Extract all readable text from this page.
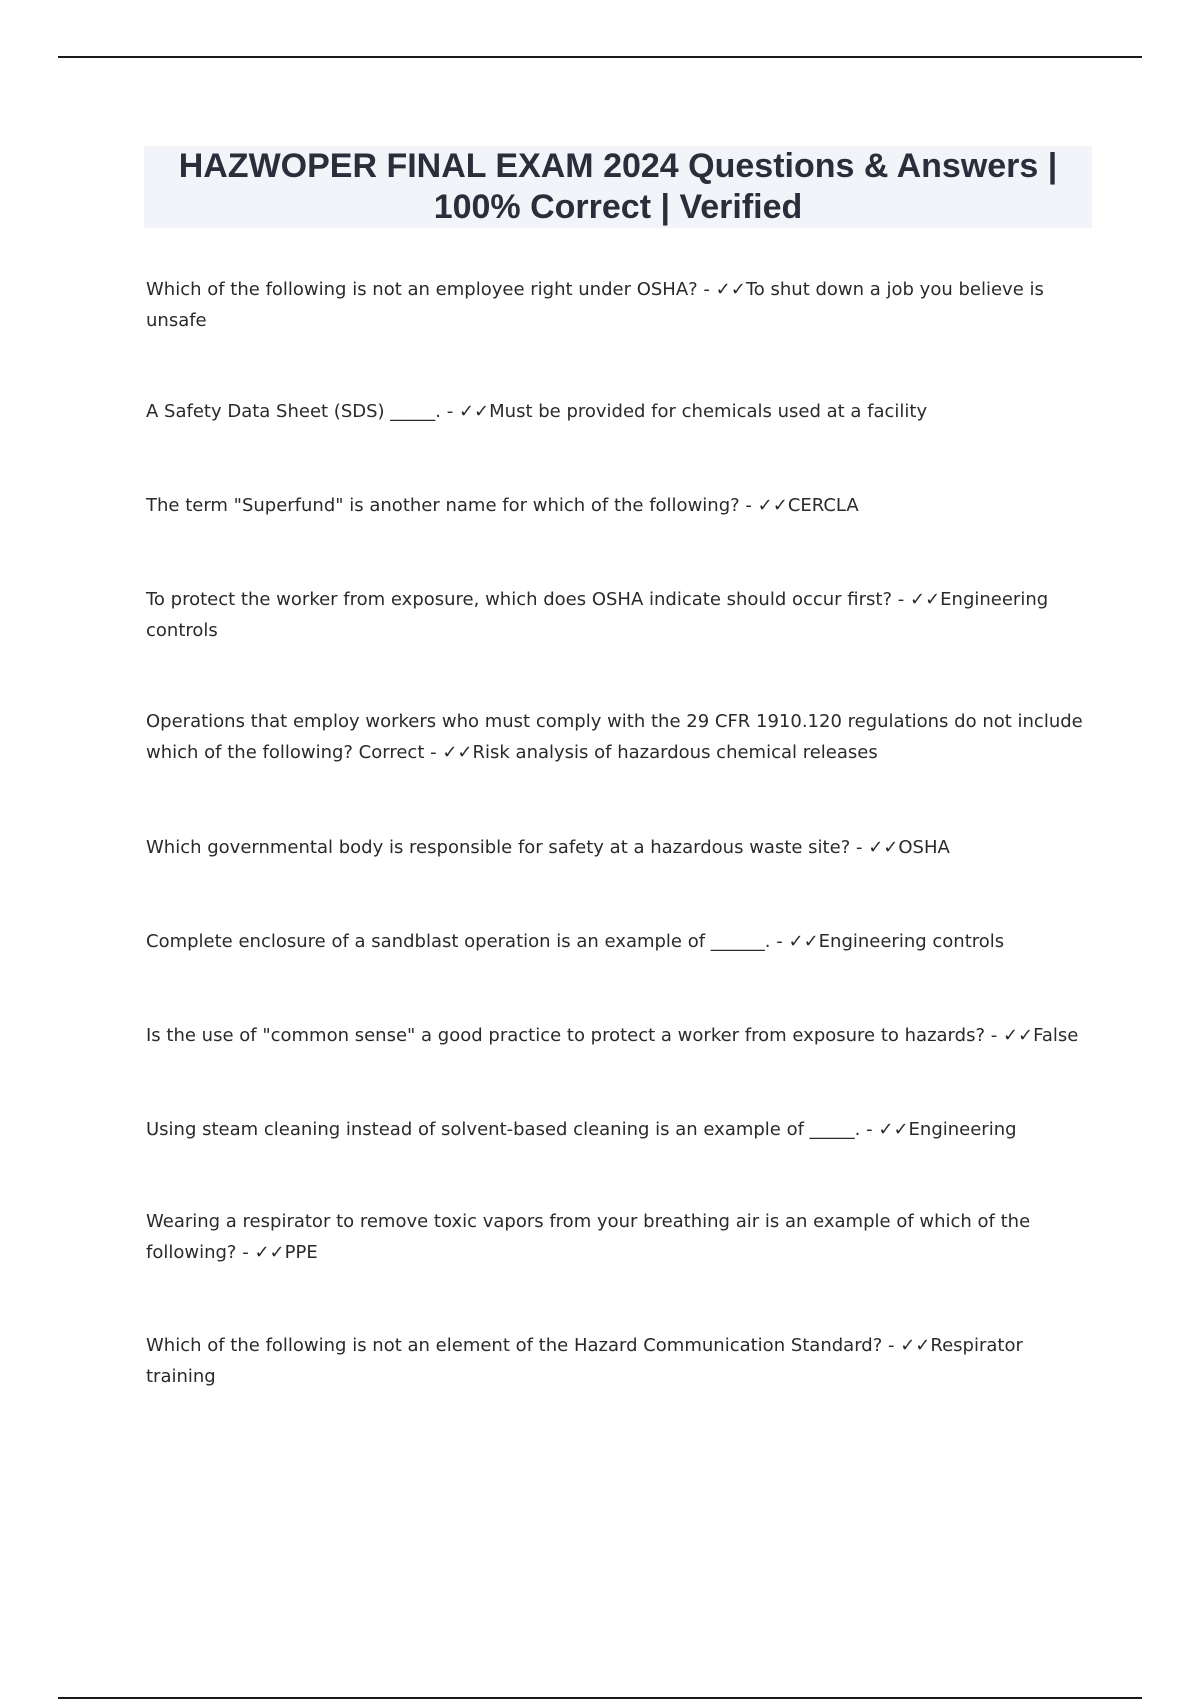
HAZWOPER FINAL EXAM 2024 Questions & Answers |
100% Correct | Verified
Which of the following is not an employee right under OSHA? - ✓✓To shut down a job you believe is unsafe
A Safety Data Sheet (SDS) _____. - ✓✓Must be provided for chemicals used at a facility
The term "Superfund" is another name for which of the following? - ✓✓CERCLA
To protect the worker from exposure, which does OSHA indicate should occur first? - ✓✓Engineering controls
Operations that employ workers who must comply with the 29 CFR 1910.120 regulations do not include which of the following? Correct - ✓✓Risk analysis of hazardous chemical releases
Which governmental body is responsible for safety at a hazardous waste site? - ✓✓OSHA
Complete enclosure of a sandblast operation is an example of ______. - ✓✓Engineering controls
Is the use of "common sense" a good practice to protect a worker from exposure to hazards? - ✓✓False
Using steam cleaning instead of solvent-based cleaning is an example of _____. - ✓✓Engineering
Wearing a respirator to remove toxic vapors from your breathing air is an example of which of the following? - ✓✓PPE
Which of the following is not an element of the Hazard Communication Standard? - ✓✓Respirator training
